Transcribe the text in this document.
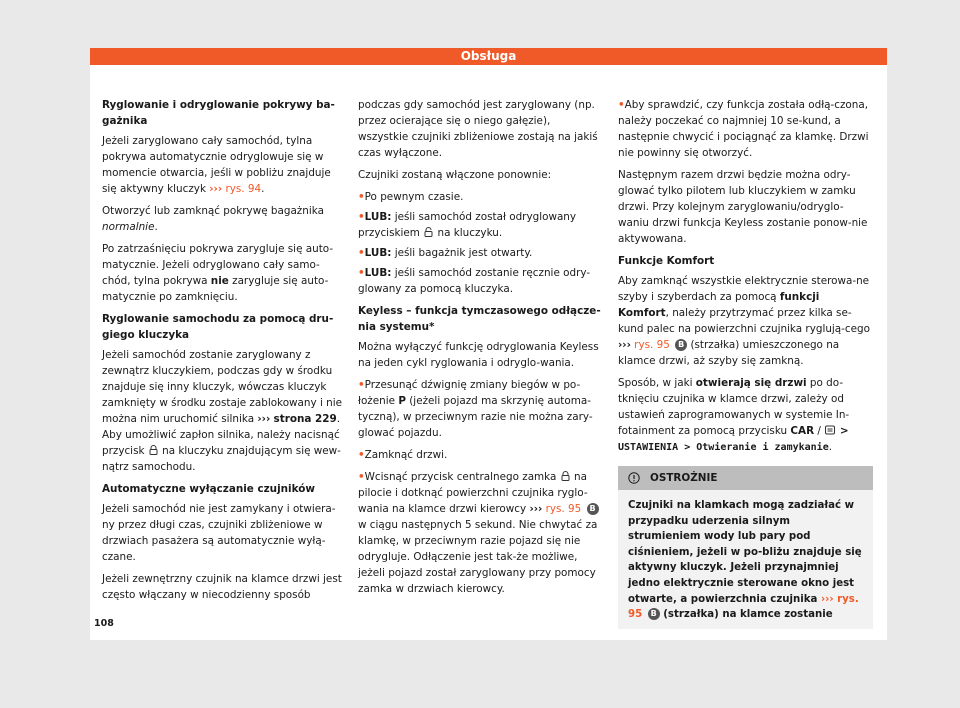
Obsługa
Ryglowanie i odryglowanie pokrywy ba-gażnika

Jeżeli zaryglowano cały samochód, tylna pokrywa automatycznie odryglowuje się w momencie otwarcia, jeśli w pobliżu znajduje się aktywny kluczyk ››› rys. 94.

Otworzyć lub zamknąć pokrywę bagażnika normalnie.

Po zatrzaśnięciu pokrywa zarygluje się auto-matycznie. Jeżeli odryglowano cały samo-chód, tylna pokrywa nie zarygluje się auto-matycznie po zamknięciu.

Ryglowanie samochodu za pomocą dru-giego kluczyka

Jeżeli samochód zostanie zaryglowany z zewnątrz kluczykiem, podczas gdy w środku znajduje się inny kluczyk, wówczas kluczyk zamknięty w środku zostaje zablokowany i nie można nim uruchomić silnika ››› strona 229. Aby umożliwić zapłon silnika, należy nacisnąć przycisk  na kluczyku znajdującym się wew-nątrz samochodu.

Automatyczne wyłączanie czujników

Jeżeli samochód nie jest zamykany i otwiera-ny przez długi czas, czujniki zbliżeniowe w drzwiach pasażera są automatycznie wyłą-czane.

Jeżeli zewnętrzny czujnik na klamce drzwi jest często włączany w niecodzienny sposób

podczas gdy samochód jest zaryglowany (np. przez ocierające się o niego gałęzie), wszystkie czujniki zbliżeniowe zostają na jakiś czas wyłączone.

Czujniki zostaną włączone ponownie:

• Po pewnym czasie.

• LUB: jeśli samochód został odryglowany przyciskiem  na kluczyku.

• LUB: jeśli bagażnik jest otwarty.

• LUB: jeśli samochód zostanie ręcznie odry-glowany za pomocą kluczyka.

Keyless – funkcja tymczasowego odłącze-nia systemu*

Można wyłączyć funkcję odryglowania Keyless na jeden cykl ryglowania i odryglo-wania.

• Przesunąć dźwignię zmiany biegów w po-łożenie P (jeżeli pojazd ma skrzynię automa-tyczną), w przeciwnym razie nie można zary-glować pojazdu.

• Zamknąć drzwi.

• Wcisnąć przycisk centralnego zamka  na pilocie i dotknąć powierzchni czujnika ryglo-wania na klamce drzwi kierowcy ››› rys. 95 B w ciągu następnych 5 sekund. Nie chwytać za klamkę, w przeciwnym razie pojazd się nie odrygluje. Odłączenie jest tak-że możliwe, jeżeli pojazd został zaryglowany przy pomocy zamka w drzwiach kierowcy.

• Aby sprawdzić, czy funkcja została odłą-czona, należy poczekać co najmniej 10 se-kund, a następnie chwycić i pociągnąć za klamkę. Drzwi nie powinny się otworzyć.

Następnym razem drzwi będzie można odry-glować tylko pilotem lub kluczykiem w zamku drzwi. Przy kolejnym zaryglowaniu/odryglo-waniu drzwi funkcja Keyless zostanie ponow-nie aktywowana.

Funkcje Komfort

Aby zamknąć wszystkie elektrycznie sterowa-ne szyby i szyberdach za pomocą funkcji Komfort, należy przytrzymać przez kilka se-kund palec na powierzchni czujnika ryglują-cego ››› rys. 95 B (strzałka) umieszczonego na klamce drzwi, aż szyby się zamkną.

Sposób, w jaki otwierają się drzwi po do-tknięciu czujnika w klamce drzwi, zależy od ustawień zaprogramowanych w systemie In-fotainment za pomocą przycisku CAR /  >
USTAWIENIA > Otwieranie i zamykanie.

OSTROŻNIE
Czujniki na klamkach mogą zadziałać w przypadku uderzenia silnym strumieniem wody lub pary pod ciśnieniem, jeżeli w po-bliżu znajduje się aktywny kluczyk. Jeżeli przynajmniej jedno elektrycznie sterowane okno jest otwarte, a powierzchnia czujnika ››› rys. 95 B (strzałka) na klamce zostanie
108
